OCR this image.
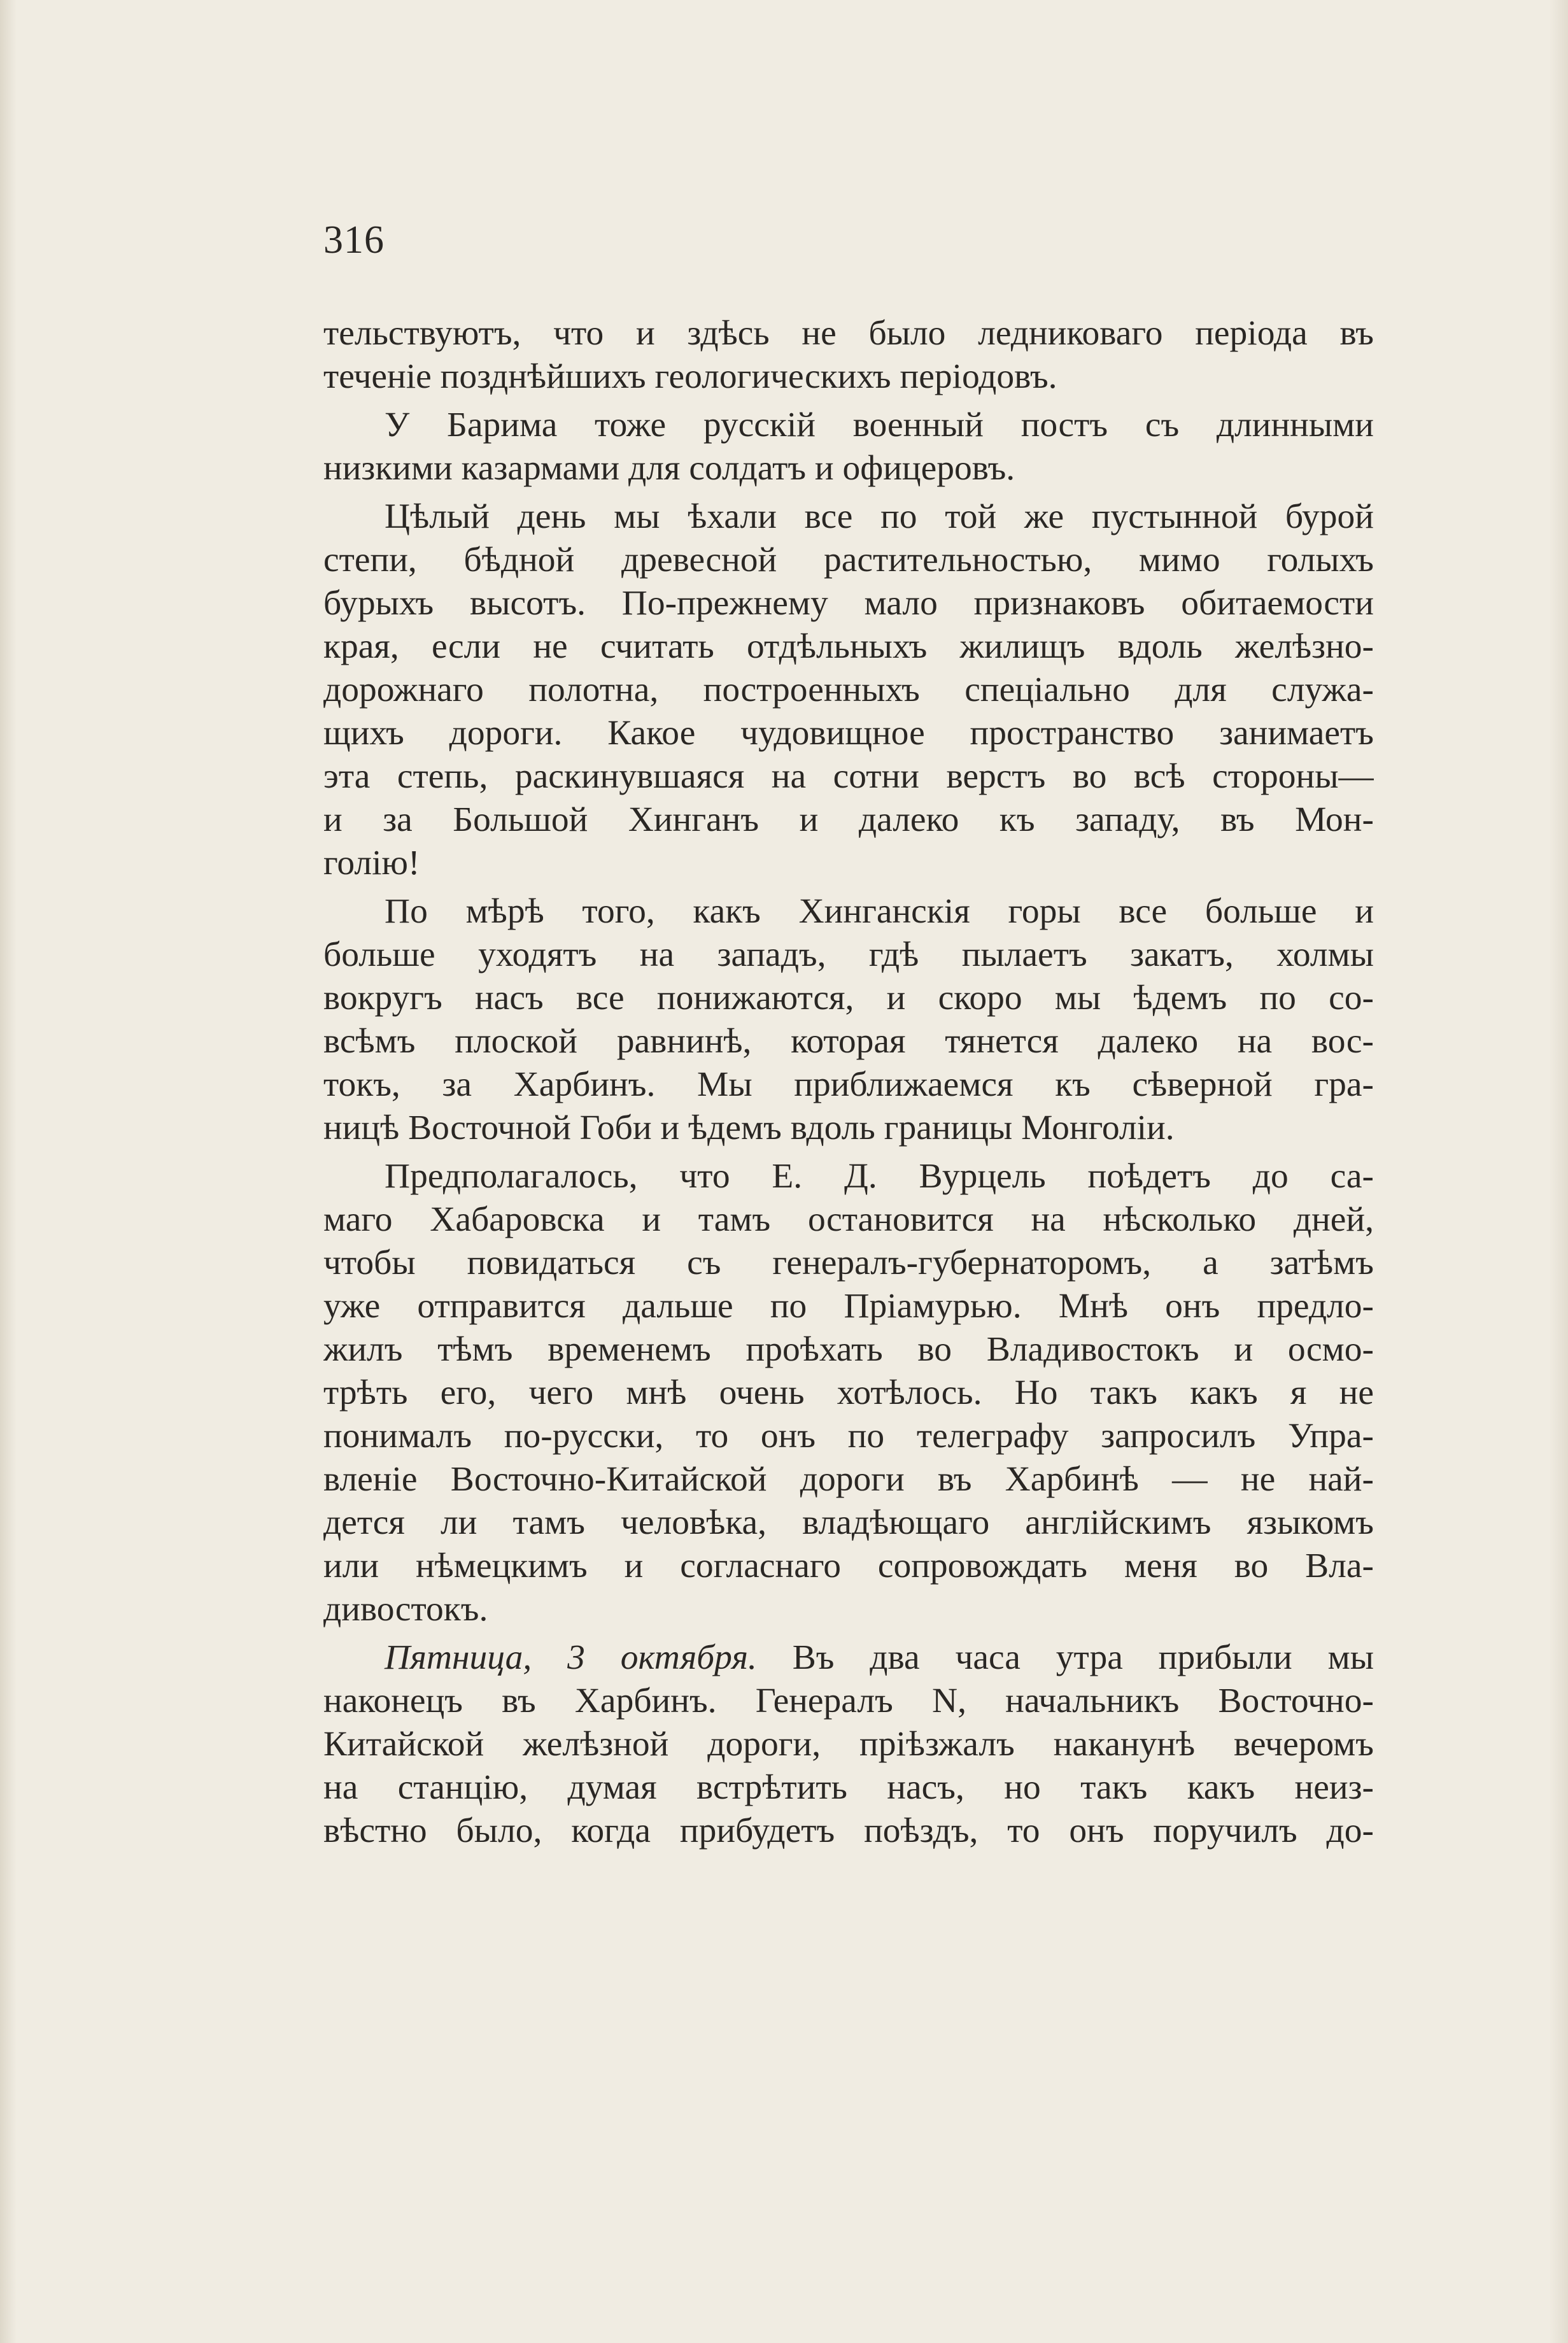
316
тельствуютъ, что и здѣсь не было ледниковаго періода въ
теченіе позднѣйшихъ геологическихъ періодовъ.
У Барима тоже русскій военный постъ съ длинными
низкими казармами для солдатъ и офицеровъ.
Цѣлый день мы ѣхали все по той же пустынной бурой
степи, бѣдной древесной растительностью, мимо голыхъ
бурыхъ высотъ. По-прежнему мало признаковъ обитаемости
края, если не считать отдѣльныхъ жилищъ вдоль желѣзно-
дорожнаго полотна, построенныхъ спеціально для служа-
щихъ дороги. Какое чудовищное пространство занимаетъ
эта степь, раскинувшаяся на сотни верстъ во всѣ стороны—
и за Большой Хинганъ и далеко къ западу, въ Мон-
голію!
По мѣрѣ того, какъ Хинганскія горы все больше и
больше уходятъ на западъ, гдѣ пылаетъ закатъ, холмы
вокругъ насъ все понижаются, и скоро мы ѣдемъ по со-
всѣмъ плоской равнинѣ, которая тянется далеко на вос-
токъ, за Харбинъ. Мы приближаемся къ сѣверной гра-
ницѣ Восточной Гоби и ѣдемъ вдоль границы Монголіи.
Предполагалось, что Е. Д. Вурцель поѣдетъ до са-
маго Хабаровска и тамъ остановится на нѣсколько дней,
чтобы повидаться съ генералъ-губернаторомъ, а затѣмъ
уже отправится дальше по Пріамурью. Мнѣ онъ предло-
жилъ тѣмъ временемъ проѣхать во Владивостокъ и осмо-
трѣть его, чего мнѣ очень хотѣлось. Но такъ какъ я не
понималъ по-русски, то онъ по телеграфу запросилъ Упра-
вленіе Восточно-Китайской дороги въ Харбинѣ — не най-
дется ли тамъ человѣка, владѣющаго англійскимъ языкомъ
или нѣмецкимъ и согласнаго сопровождать меня во Вла-
дивостокъ.
Пятница, 3 октября. Въ два часа утра прибыли мы
наконецъ въ Харбинъ. Генералъ N, начальникъ Восточно-
Китайской желѣзной дороги, пріѣзжалъ наканунѣ вечеромъ
на станцію, думая встрѣтить насъ, но такъ какъ неиз-
вѣстно было, когда прибудетъ поѣздъ, то онъ поручилъ до-
